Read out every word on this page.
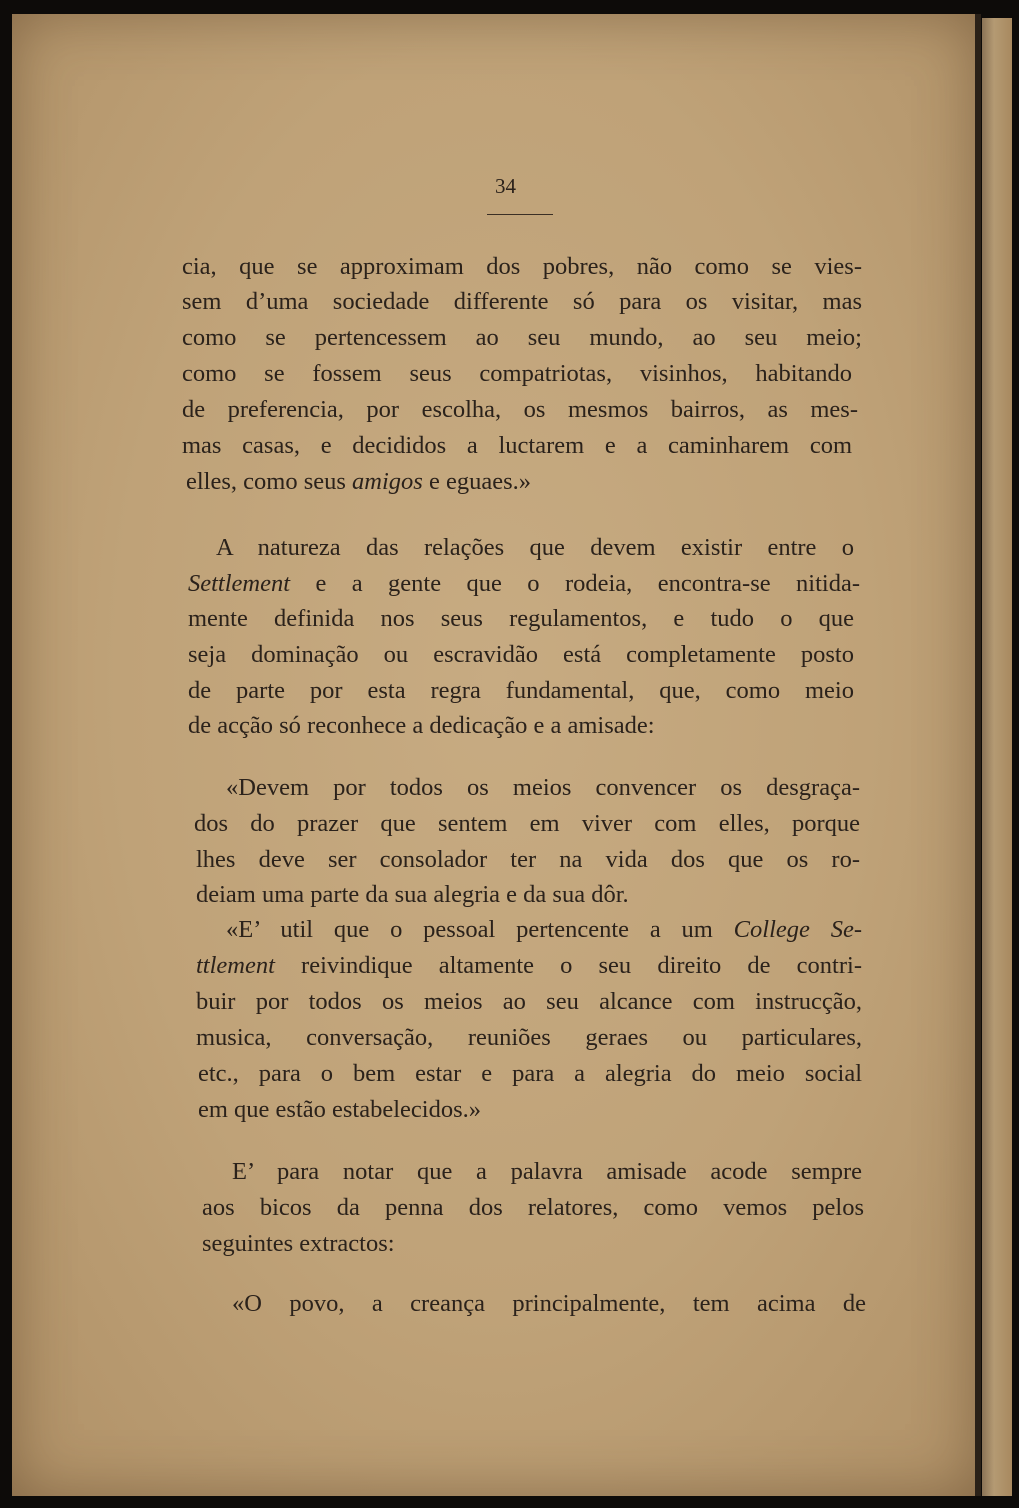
34
cia, que se approximam dos pobres, não como se vies-
sem d’uma sociedade differente só para os visitar, mas
como se pertencessem ao seu mundo, ao seu meio;
como se fossem seus compatriotas, visinhos, habitando
de preferencia, por escolha, os mesmos bairros, as mes-
mas casas, e decididos a luctarem e a caminharem com
elles, como seus amigos e eguaes.»
A natureza das relações que devem existir entre o
Settlement e a gente que o rodeia, encontra-se nitida-
mente definida nos seus regulamentos, e tudo o que
seja dominação ou escravidão está completamente posto
de parte por esta regra fundamental, que, como meio
de acção só reconhece a dedicação e a amisade:
«Devem por todos os meios convencer os desgraça-
dos do prazer que sentem em viver com elles, porque
lhes deve ser consolador ter na vida dos que os ro-
deiam uma parte da sua alegria e da sua dôr.
«E’ util que o pessoal pertencente a um College Se-
ttlement reivindique altamente o seu direito de contri-
buir por todos os meios ao seu alcance com instrucção,
musica, conversação, reuniões geraes ou particulares,
etc., para o bem estar e para a alegria do meio social
em que estão estabelecidos.»
E’ para notar que a palavra amisade acode sempre
aos bicos da penna dos relatores, como vemos pelos
seguintes extractos:
«O povo, a creança principalmente, tem acima de
